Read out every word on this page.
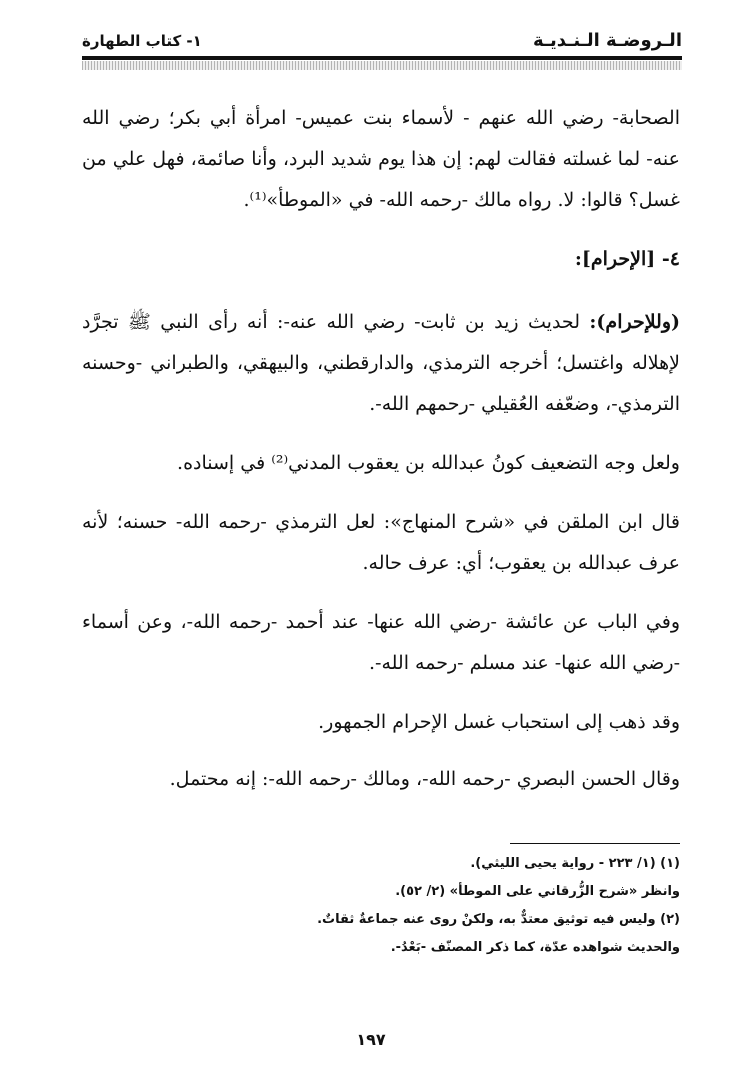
الـروضـة الـنـديـة
١- كتاب الطهارة

الصحابة- رضي الله عنهم - لأسماء بنت عميس- امرأة أبي بكر؛ رضي الله عنه- لما غسلته فقالت لهم: إن هذا يوم شديد البرد، وأنا صائمة، فهل علي من غسل؟ قالوا: لا. رواه مالك -رحمه الله- في «الموطأ»⁽¹⁾.

٤- [الإحرام]:

(وللإحرام): لحديث زيد بن ثابت- رضي الله عنه-: أنه رأى النبي ﷺ تجرَّد لإهلاله واغتسل؛ أخرجه الترمذي، والدارقطني، والبيهقي، والطبراني -وحسنه الترمذي-، وضعّفه العُقيلي -رحمهم الله-.

ولعل وجه التضعيف كونُ عبدالله بن يعقوب المدني⁽²⁾ في إسناده.

قال ابن الملقن في «شرح المنهاج»: لعل الترمذي -رحمه الله- حسنه؛ لأنه عرف عبدالله بن يعقوب؛ أي: عرف حاله.

وفي الباب عن عائشة -رضي الله عنها- عند أحمد -رحمه الله-، وعن أسماء -رضي الله عنها- عند مسلم -رحمه الله-.

وقد ذهب إلى استحباب غسل الإحرام الجمهور.

وقال الحسن البصري -رحمه الله-، ومالك -رحمه الله-: إنه محتمل.

(١) (١/ ٢٢٣ - رواية يحيى الليثي).
وانظر «شرح الزُّرقاني على الموطأ» (٢/ ٥٢).
(٢) وليس فيه توثيق معتدٌّ به، ولكنْ روى عنه جماعةٌ ثقاتٌ.
والحديث شواهده عدّة، كما ذكر المصنّف -بَعْدُ-.
١٩٧
